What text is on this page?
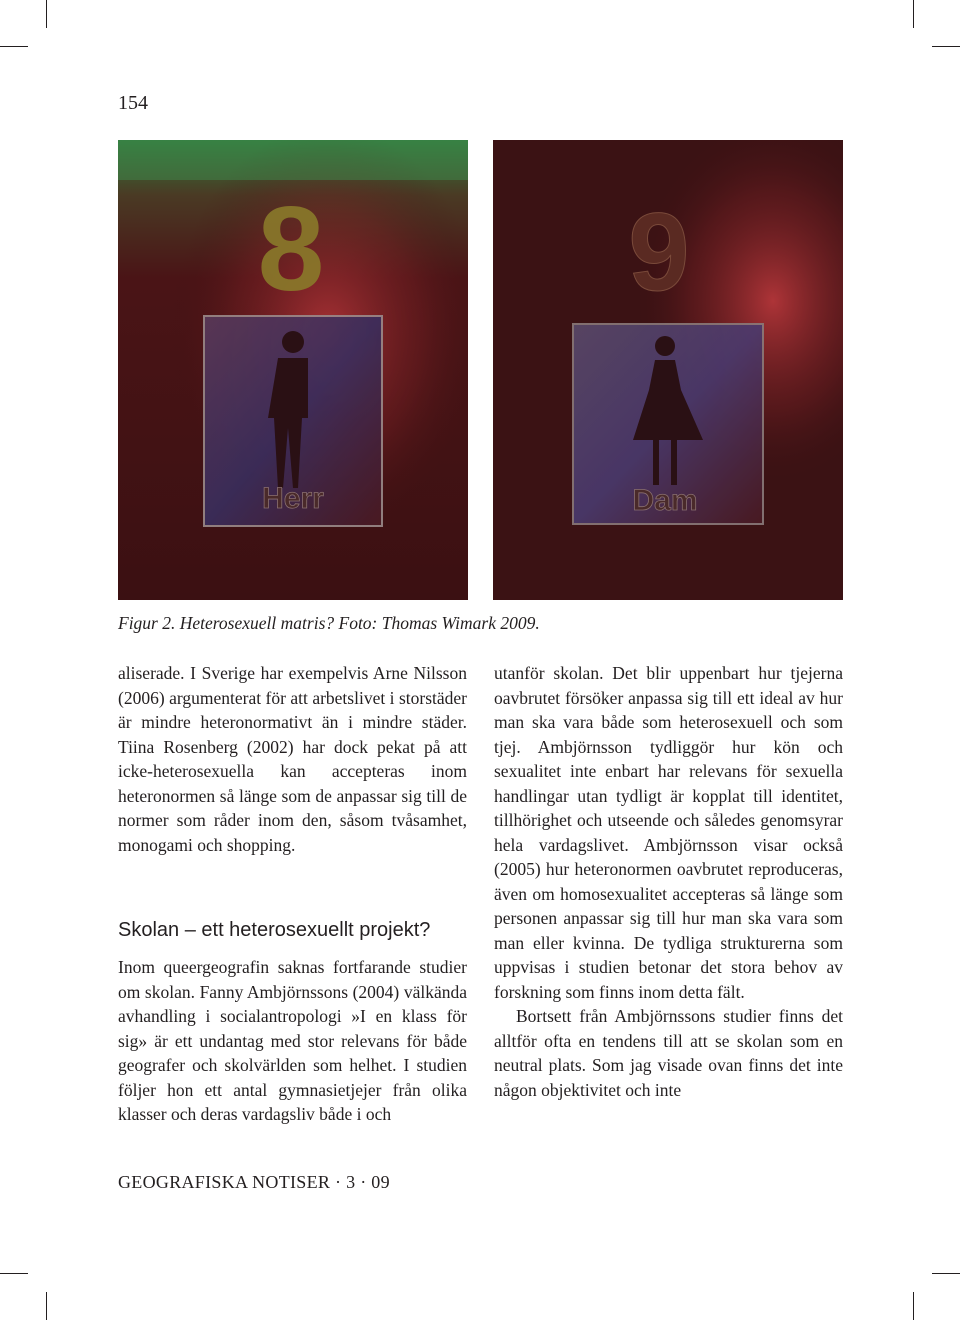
154
8
Herr
9
Dam
Figur 2. Heterosexuell matris? Foto: Thomas Wimark 2009.

aliserade. I Sverige har exempelvis Arne Nilsson (2006) argumenterat för att arbetslivet i storstäder är mindre heteronormativt än i mindre städer. Tiina Rosenberg (2002) har dock pekat på att icke-heterosexuella kan accepteras inom heteronormen så länge som de anpassar sig till de normer som råder inom den, såsom tvåsamhet, monogami och shopping.

Skolan – ett heterosexuellt projekt?

Inom queergeografin saknas fortfarande studier om skolan. Fanny Ambjörnssons (2004) välkända avhandling i socialantropologi »I en klass för sig» är ett undantag med stor relevans för både geografer och skolvärlden som helhet. I studien följer hon ett antal gymnasietjejer från olika klasser och deras vardagsliv både i och

utanför skolan. Det blir uppenbart hur tjejerna oavbrutet försöker anpassa sig till ett ideal av hur man ska vara både som heterosexuell och som tjej. Ambjörnsson tydliggör hur kön och sexualitet inte enbart har relevans för sexuella handlingar utan tydligt är kopplat till identitet, tillhörighet och utseende och således genomsyrar hela vardagslivet. Ambjörnsson visar också (2005) hur heteronormen oavbrutet reproduceras, även om homosexualitet accepteras så länge som personen anpassar sig till hur man ska vara som man eller kvinna. De tydliga strukturerna som uppvisas i studien betonar det stora behov av forskning som finns inom detta fält.

Bortsett från Ambjörnssons studier finns det alltför ofta en tendens till att se skolan som en neutral plats. Som jag visade ovan finns det inte någon objektivitet och inte

GEOGRAFISKA NOTISER · 3 · 09
